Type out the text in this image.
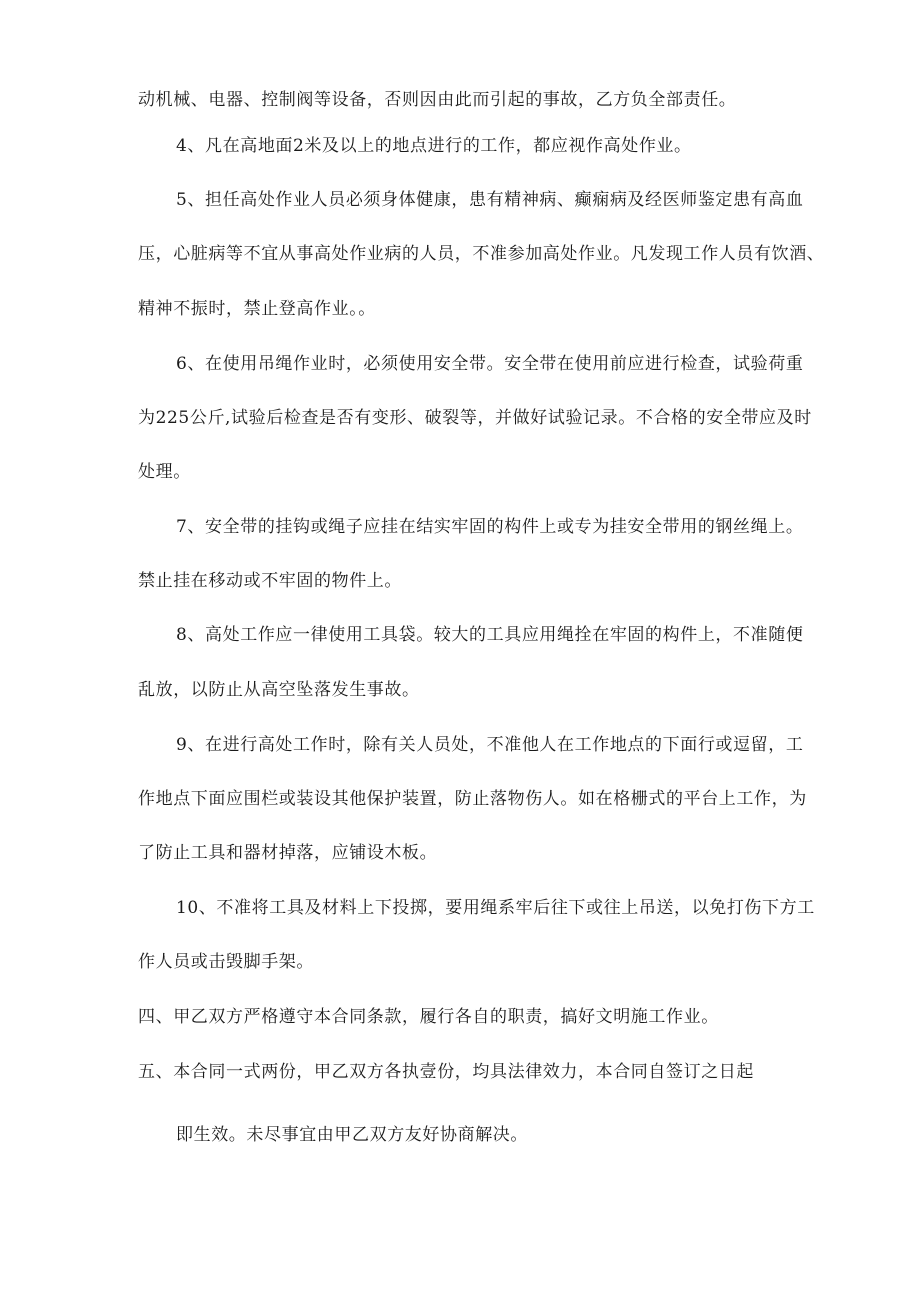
动机械、电器、控制阀等设备，否则因由此而引起的事故，乙方负全部责任。
4、凡在高地面2米及以上的地点进行的工作，都应视作高处作业。
5、担任高处作业人员必须身体健康，患有精神病、癫痫病及经医师鉴定患有高血
压，心脏病等不宜从事高处作业病的人员，不准参加高处作业。凡发现工作人员有饮酒、
精神不振时，禁止登高作业。。
6、在使用吊绳作业时，必须使用安全带。安全带在使用前应进行检查，试验荷重
为225公斤,试验后检查是否有变形、破裂等，并做好试验记录。不合格的安全带应及时
处理。
7、安全带的挂钩或绳子应挂在结实牢固的构件上或专为挂安全带用的钢丝绳上。
禁止挂在移动或不牢固的物件上。
8、高处工作应一律使用工具袋。较大的工具应用绳拴在牢固的构件上，不准随便
乱放，以防止从高空坠落发生事故。
9、在进行高处工作时，除有关人员处，不准他人在工作地点的下面行或逗留，工
作地点下面应围栏或装设其他保护装置，防止落物伤人。如在格栅式的平台上工作，为
了防止工具和器材掉落，应铺设木板。
10、不准将工具及材料上下投掷，要用绳系牢后往下或往上吊送，以免打伤下方工
作人员或击毁脚手架。
四、甲乙双方严格遵守本合同条款，履行各自的职责，搞好文明施工作业。
五、本合同一式两份，甲乙双方各执壹份，均具法律效力，本合同自签订之日起
即生效。未尽事宜由甲乙双方友好协商解决。
